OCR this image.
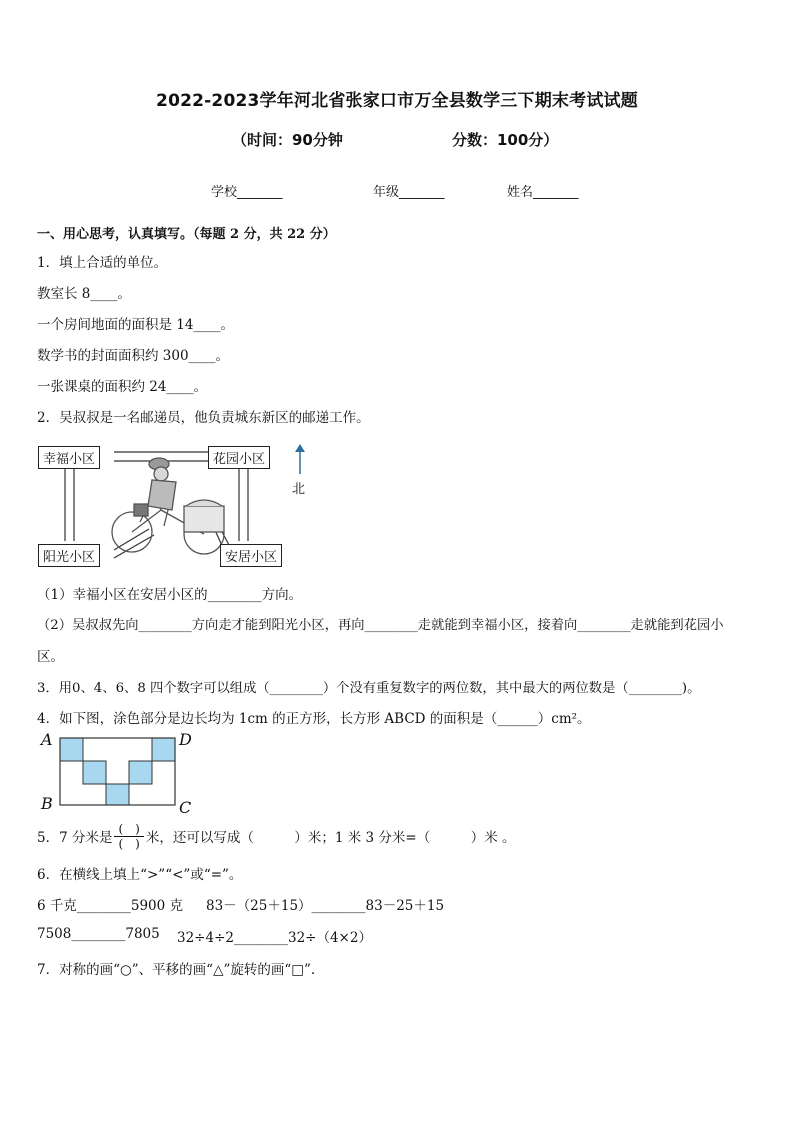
2022-2023学年河北省张家口市万全县数学三下期末考试试题
（时间：90分钟	分数：100分）
学校_______	年级_______	姓名_______
一、用心思考，认真填写。（每题 2 分，共 22 分）
1．填上合适的单位。
教室长 8____。
一个房间地面的面积是 14____。
数学书的封面面积约 300____。
一张课桌的面积约 24____。
2．吴叔叔是一名邮递员，他负责城东新区的邮递工作。
幸福小区	花园小区
阳光小区	安居小区
北
（1）幸福小区在安居小区的________方向。
（2）吴叔叔先向________方向走才能到阳光小区，再向________走就能到幸福小区，接着向________走就能到花园小
区。
3．用0、4、6、8 四个数字可以组成（________）个没有重复数字的两位数，其中最大的两位数是（________)。
4．如下图，涂色部分是边长均为 1cm 的正方形，长方形 ABCD 的面积是（______）cm²。
A	D
B	C
5．7 分米是 $\frac{( )}{( )}$ 米，还可以写成（　　　）米；1 米 3 分米=（　　　）米 。
6．在横线上填上“>”“<”或“=”。
6 千克________5900 克 83－（25＋15）________83－25＋15
7508________7805 32÷4÷2________32÷（4×2）
7．对称的画“○”、平移的画“△”旋转的画“□”.
